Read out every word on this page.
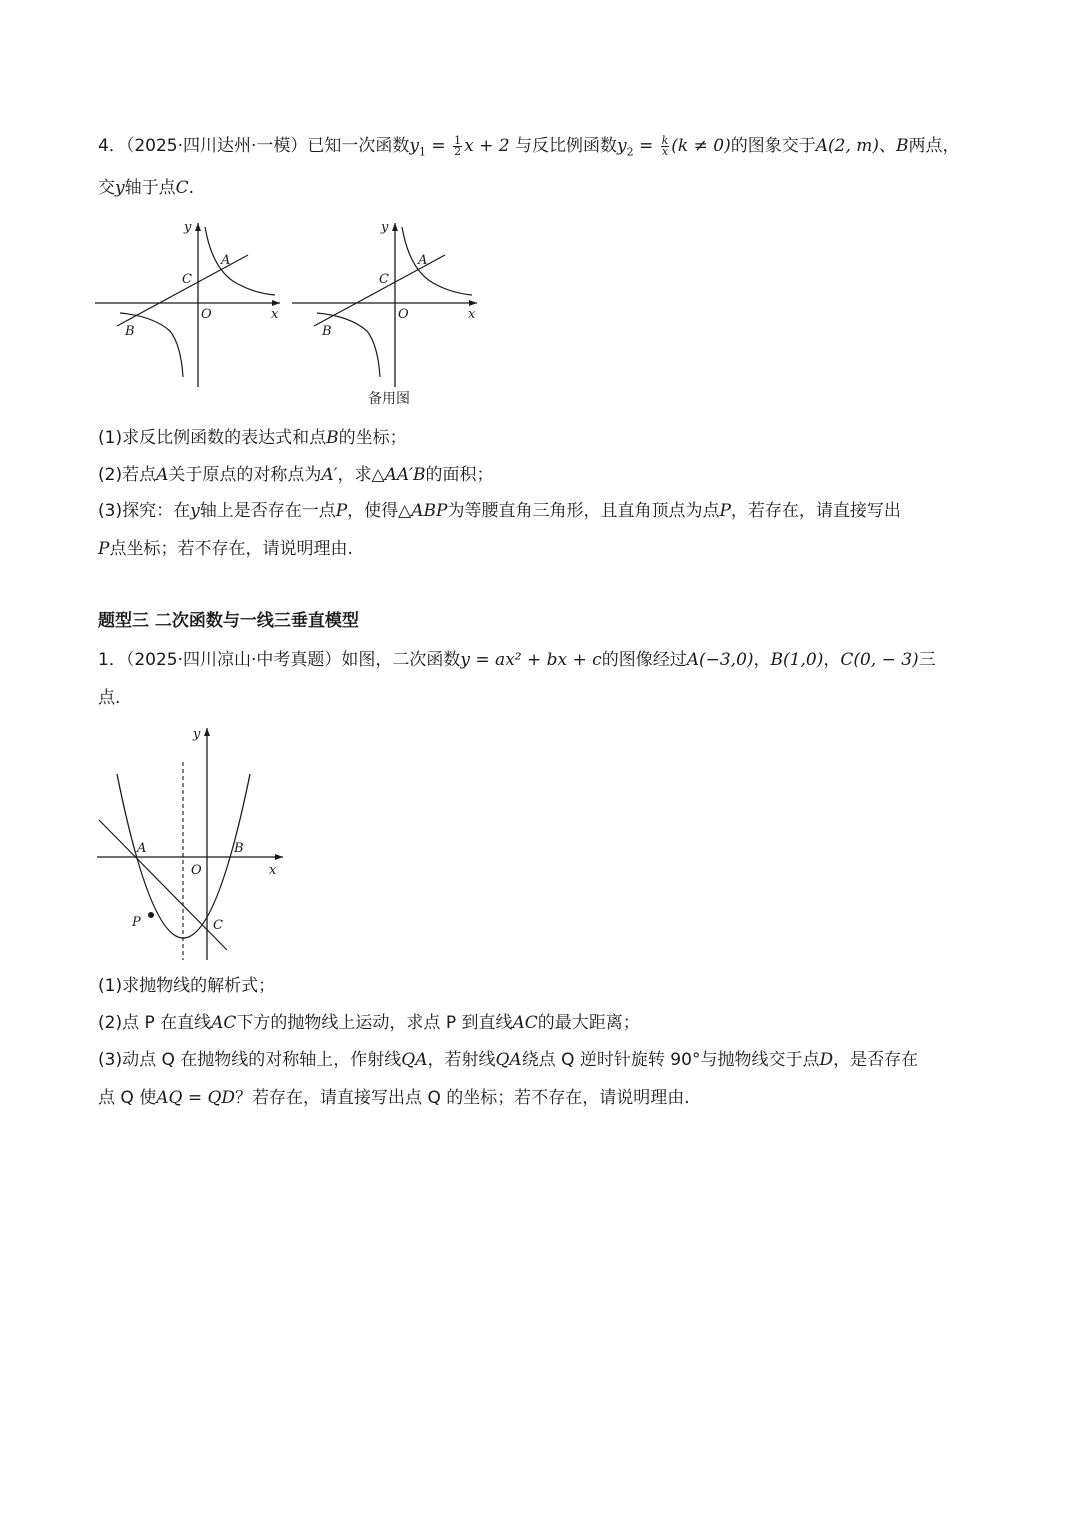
4．（2025·四川达州·一模）已知一次函数$y_1 = \frac{1}{2}$ x + 2 与反比例函数$y_2 = \frac{k}{x} (k \ne 0)$的图象交于A(2, m)、B两点，
交y轴于点C.
y
x
O
A
B
C
y
x
O
A
B
C
备用图
(1)求反比例函数的表达式和点B的坐标；
(2)若点A关于原点的对称点为A′，求△AA′B的面积；
(3)探究：在y轴上是否存在一点P，使得△ABP为等腰直角三角形，且直角顶点为点P，若存在，请直接写出
P点坐标；若不存在，请说明理由.
题型三 二次函数与一线三垂直模型
1．（2025·四川凉山·中考真题）如图，二次函数y = ax² + bx + c的图像经过A(−3,0)，B(1,0)，C(0, − 3)三
点.
y
x
O
A	B
C
P
(1)求抛物线的解析式；
(2)点 P 在直线AC下方的抛物线上运动，求点 P 到直线AC的最大距离；
(3)动点 Q 在抛物线的对称轴上，作射线QA，若射线QA绕点 Q 逆时针旋转 90°与抛物线交于点D，是否存在
点 Q 使AQ = QD？若存在，请直接写出点 Q 的坐标；若不存在，请说明理由.
